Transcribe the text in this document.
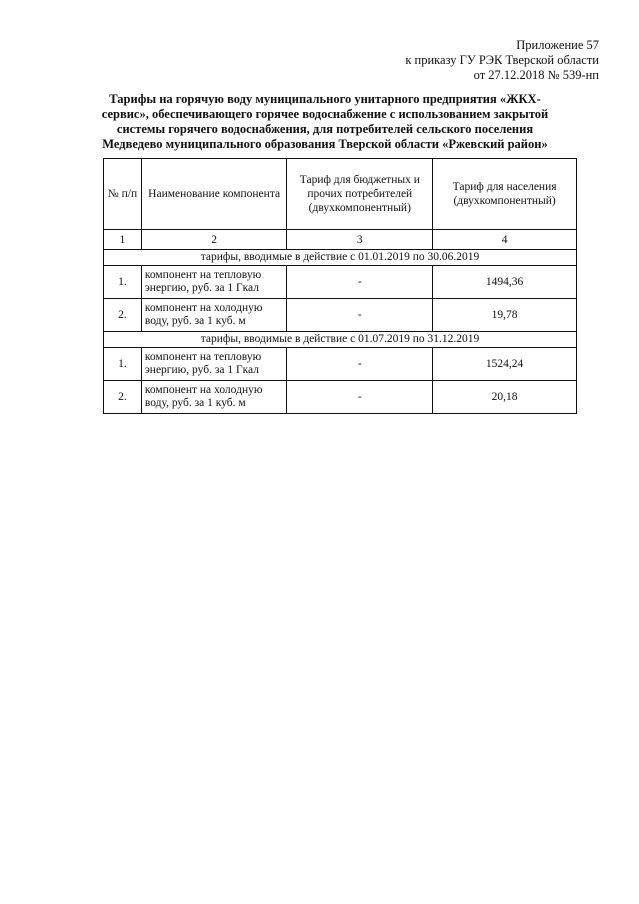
Приложение 57
к приказу ГУ РЭК Тверской области
от 27.12.2018 № 539-нп
Тарифы на горячую воду муниципального унитарного предприятия «ЖКХ-сервис», обеспечивающего горячее водоснабжение с использованием закрытой системы горячего водоснабжения, для потребителей сельского поселения Медведево муниципального образования Тверской области «Ржевский район»
№ п/п	Наименование компонента	Тариф для бюджетных и прочих потребителей (двухкомпонентный)	Тариф для населения (двухкомпонентный)
1	2	3	4
тарифы, вводимые в действие с 01.01.2019 по 30.06.2019			
1.	компонент на тепловую энергию, руб. за 1 Гкал	-	1494,36
2.	компонент на холодную воду, руб. за 1 куб. м	-	19,78
тарифы, вводимые в действие с 01.07.2019 по 31.12.2019			
1.	компонент на тепловую энергию, руб. за 1 Гкал	-	1524,24
2.	компонент на холодную воду, руб. за 1 куб. м	-	20,18
